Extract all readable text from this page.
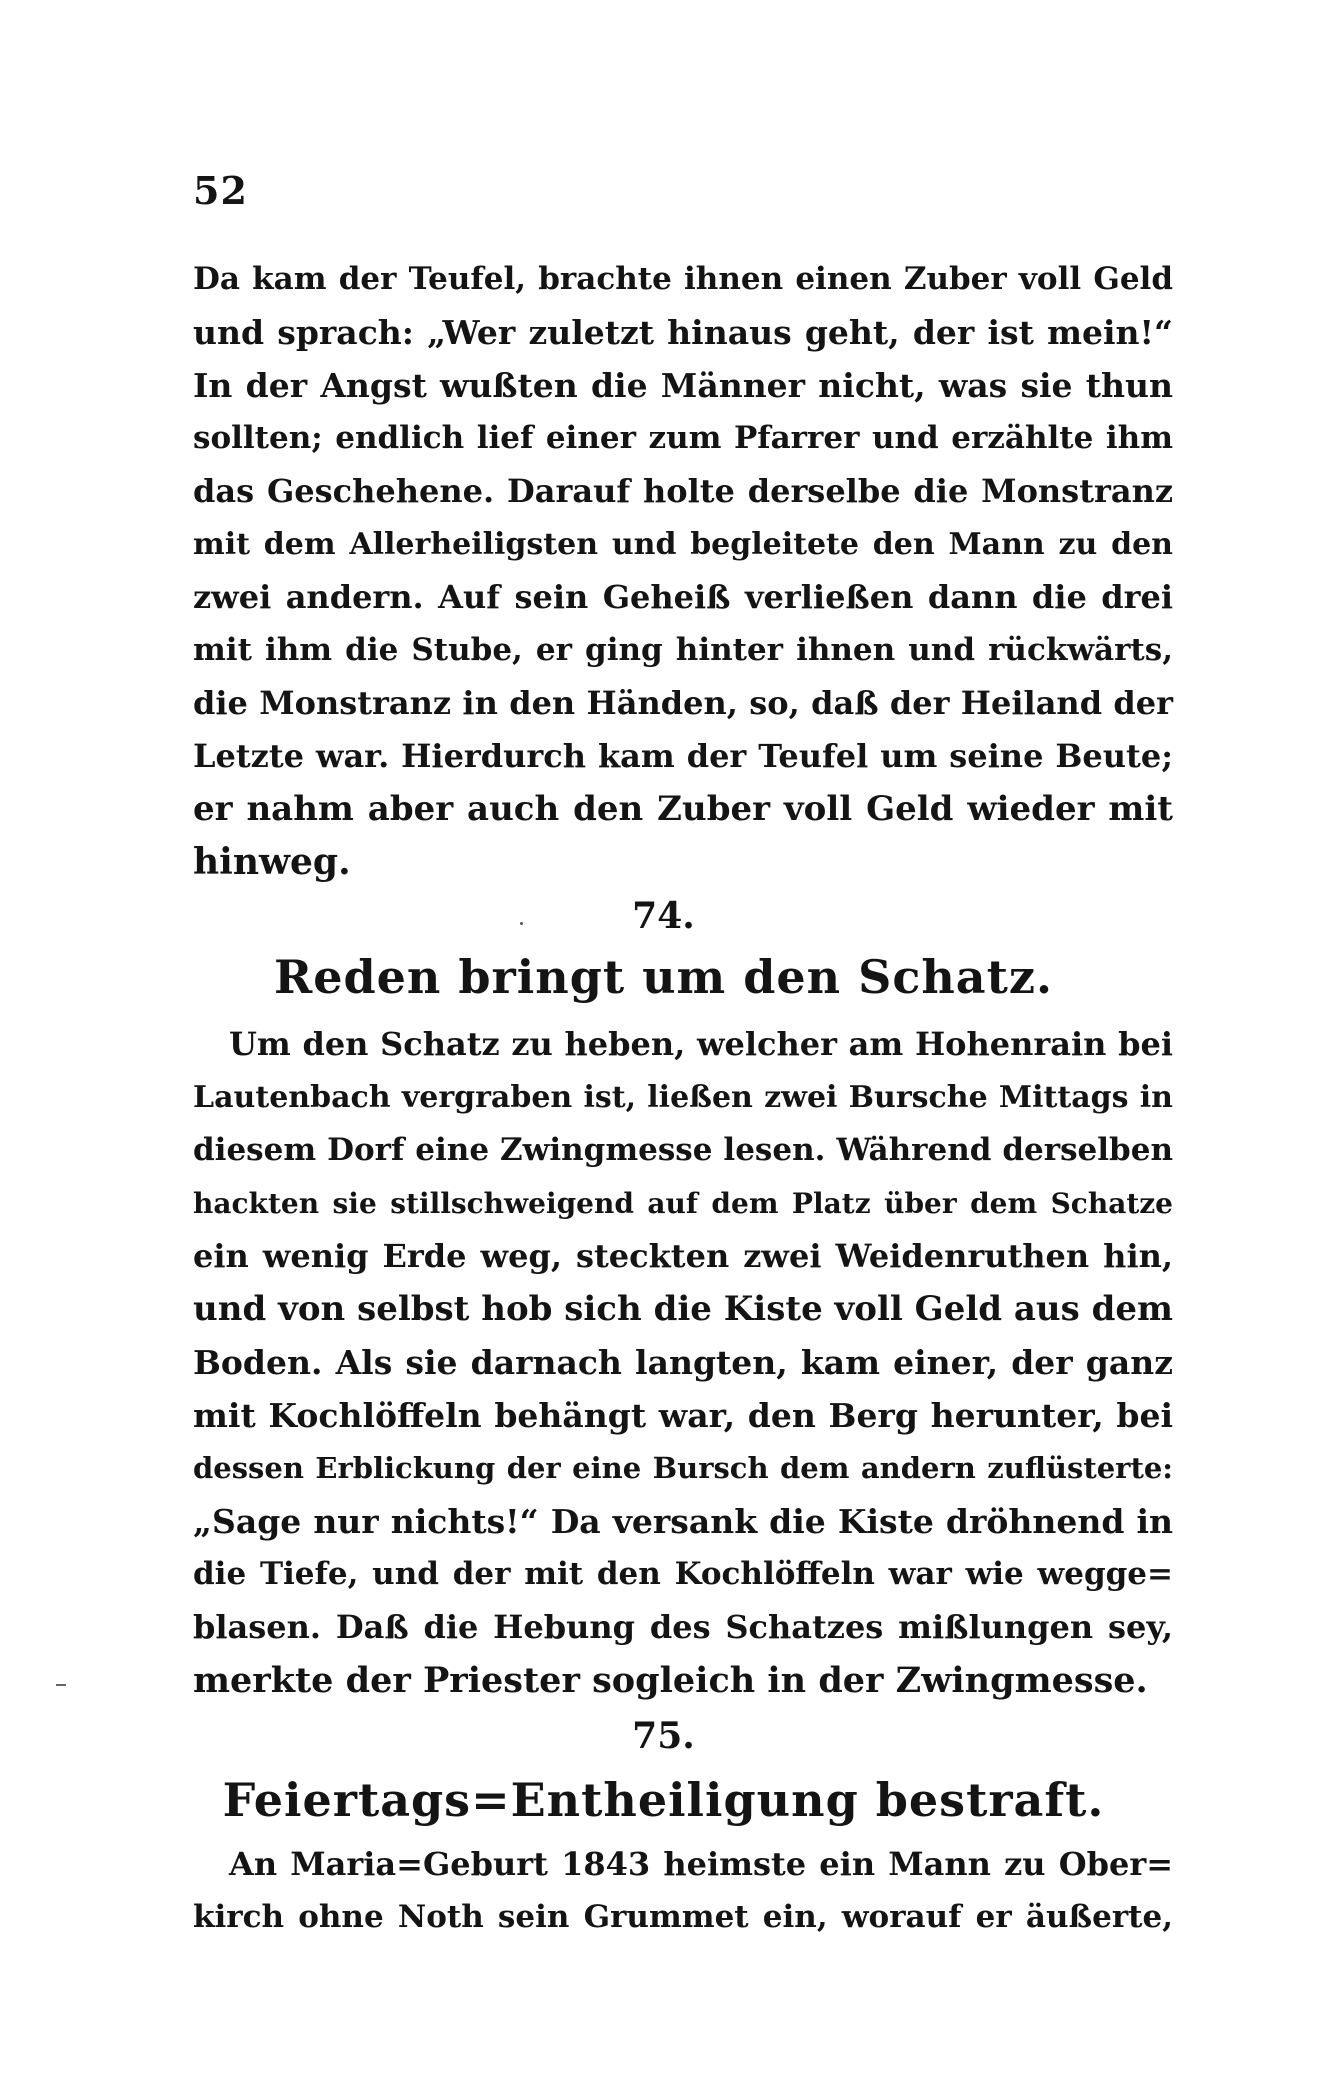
52
Da kam der Teufel, brachte ihnen einen Zuber voll Geld
und sprach: „Wer zuletzt hinaus geht, der ist mein!“
In der Angst wußten die Männer nicht, was sie thun
sollten; endlich lief einer zum Pfarrer und erzählte ihm
das Geschehene. Darauf holte derselbe die Monstranz
mit dem Allerheiligsten und begleitete den Mann zu den
zwei andern. Auf sein Geheiß verließen dann die drei
mit ihm die Stube, er ging hinter ihnen und rückwärts,
die Monstranz in den Händen, so, daß der Heiland der
Letzte war. Hierdurch kam der Teufel um seine Beute;
er nahm aber auch den Zuber voll Geld wieder mit
hinweg.
74.
Reden bringt um den Schatz.
Um den Schatz zu heben, welcher am Hohenrain bei
Lautenbach vergraben ist, ließen zwei Bursche Mittags in
diesem Dorf eine Zwingmesse lesen. Während derselben
hackten sie stillschweigend auf dem Platz über dem Schatze
ein wenig Erde weg, steckten zwei Weidenruthen hin,
und von selbst hob sich die Kiste voll Geld aus dem
Boden. Als sie darnach langten, kam einer, der ganz
mit Kochlöffeln behängt war, den Berg herunter, bei
dessen Erblickung der eine Bursch dem andern zuflüsterte:
„Sage nur nichts!“ Da versank die Kiste dröhnend in
die Tiefe, und der mit den Kochlöffeln war wie wegge=
blasen. Daß die Hebung des Schatzes mißlungen sey,
merkte der Priester sogleich in der Zwingmesse.
75.
Feiertags=Entheiligung bestraft.
An Maria=Geburt 1843 heimste ein Mann zu Ober=
kirch ohne Noth sein Grummet ein, worauf er äußerte,
